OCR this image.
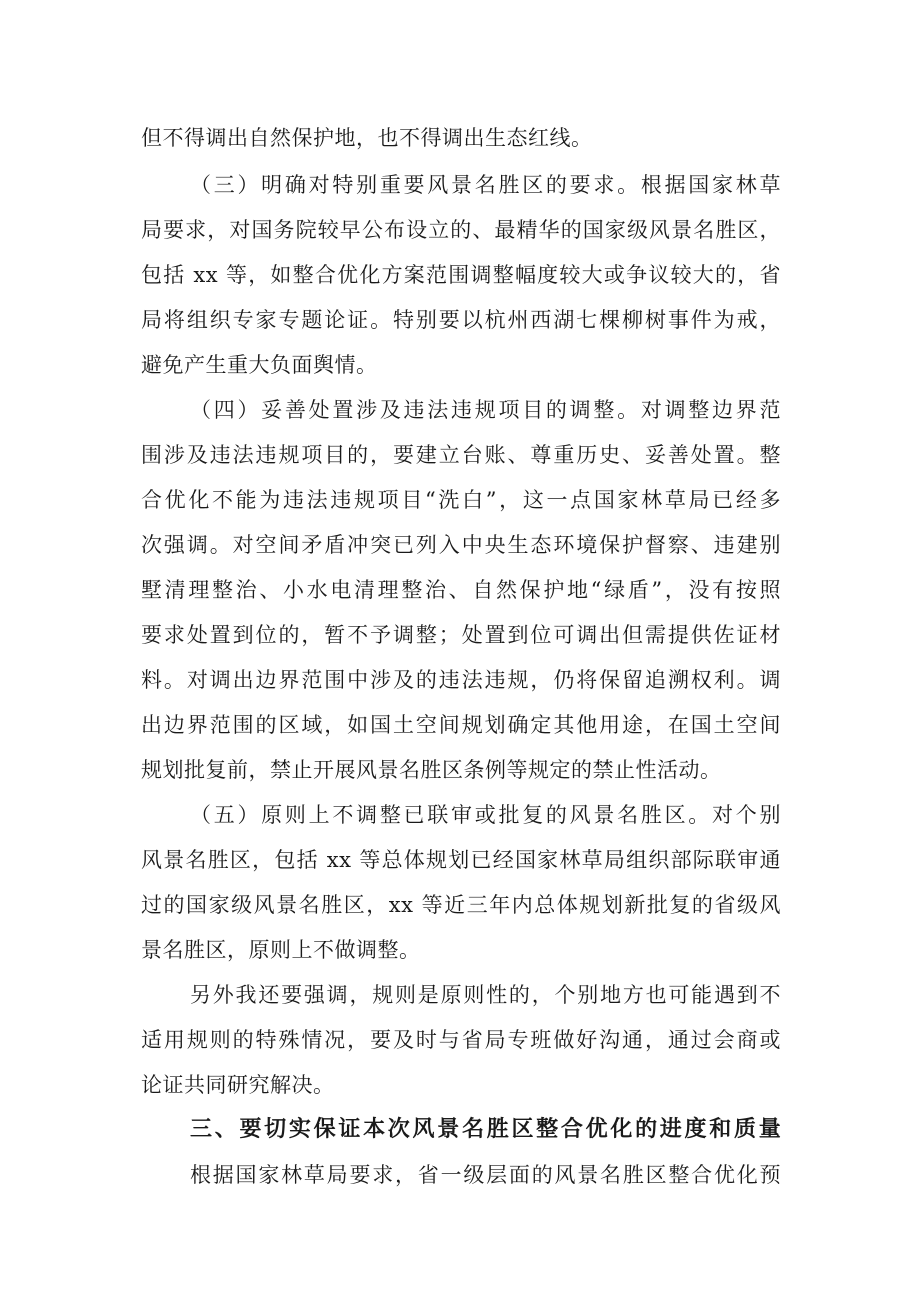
但不得调出自然保护地，也不得调出生态红线。
（三）明确对特别重要风景名胜区的要求。根据国家林草
局要求，对国务院较早公布设立的、最精华的国家级风景名胜区，
包括 xx 等，如整合优化方案范围调整幅度较大或争议较大的，省
局将组织专家专题论证。特别要以杭州西湖七棵柳树事件为戒，
避免产生重大负面舆情。
（四）妥善处置涉及违法违规项目的调整。对调整边界范
围涉及违法违规项目的，要建立台账、尊重历史、妥善处置。整
合优化不能为违法违规项目“洗白”，这一点国家林草局已经多
次强调。对空间矛盾冲突已列入中央生态环境保护督察、违建别
墅清理整治、小水电清理整治、自然保护地“绿盾”，没有按照
要求处置到位的，暂不予调整；处置到位可调出但需提供佐证材
料。对调出边界范围中涉及的违法违规，仍将保留追溯权利。调
出边界范围的区域，如国土空间规划确定其他用途，在国土空间
规划批复前，禁止开展风景名胜区条例等规定的禁止性活动。
（五）原则上不调整已联审或批复的风景名胜区。对个别
风景名胜区，包括 xx 等总体规划已经国家林草局组织部际联审通
过的国家级风景名胜区，xx 等近三年内总体规划新批复的省级风
景名胜区，原则上不做调整。
另外我还要强调，规则是原则性的，个别地方也可能遇到不
适用规则的特殊情况，要及时与省局专班做好沟通，通过会商或
论证共同研究解决。
三、要切实保证本次风景名胜区整合优化的进度和质量
根据国家林草局要求，省一级层面的风景名胜区整合优化预
